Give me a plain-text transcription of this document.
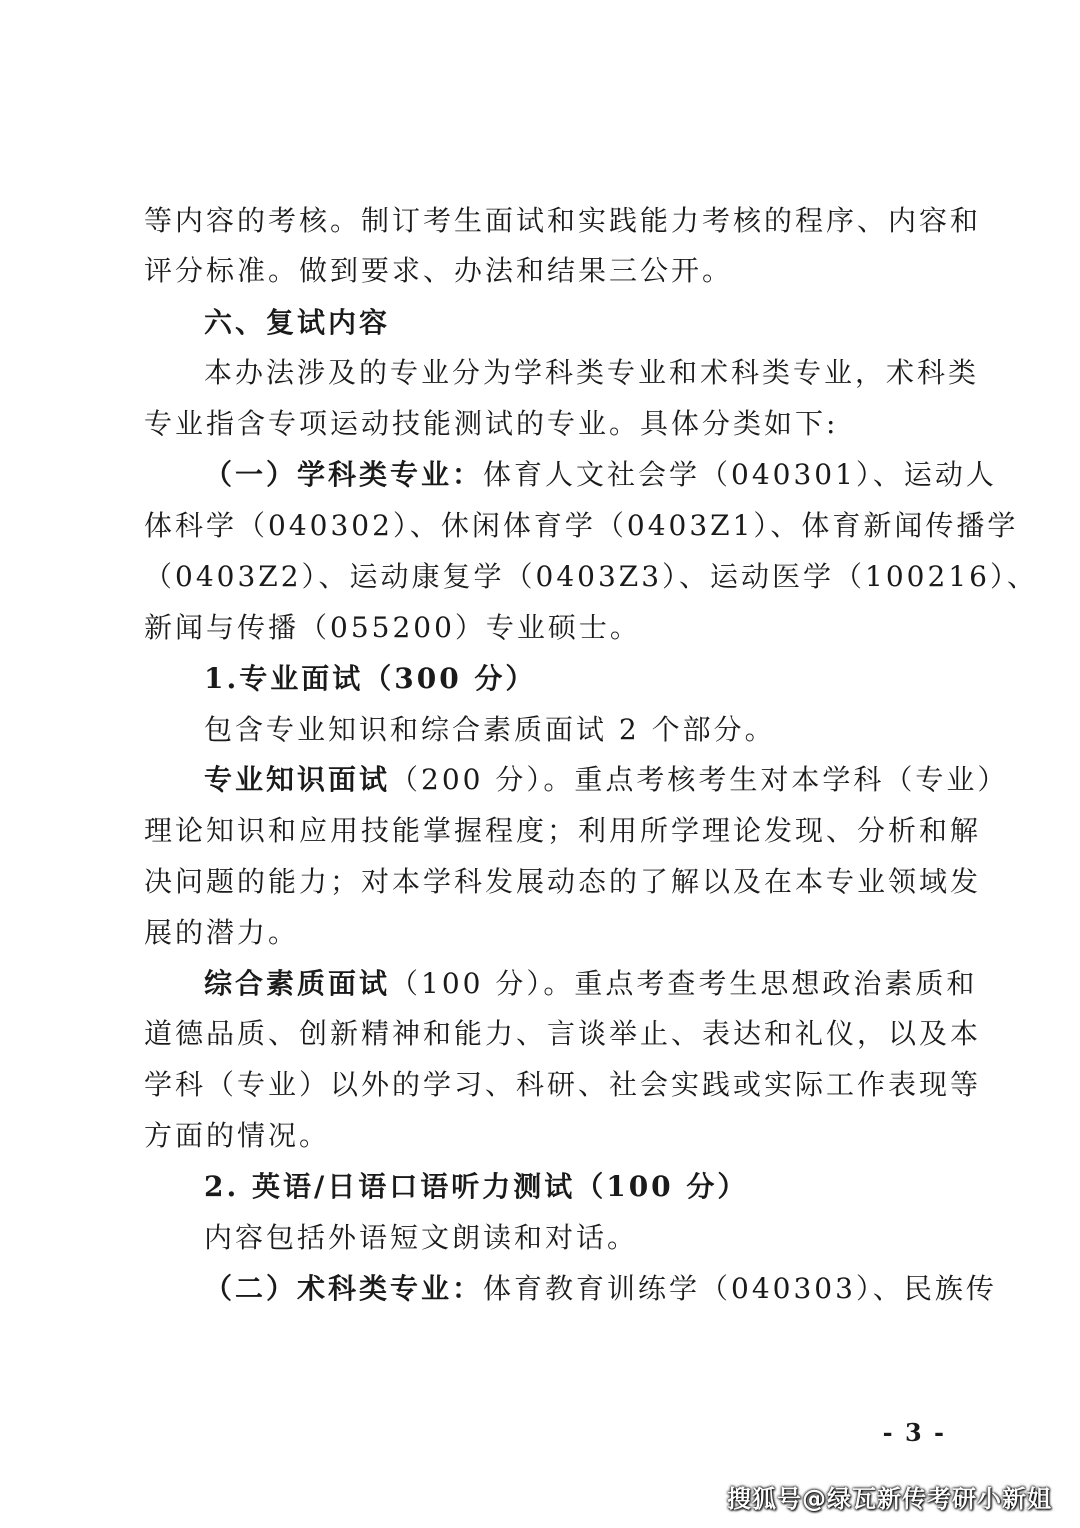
等内容的考核。制订考生面试和实践能力考核的程序、内容和
评分标准。做到要求、办法和结果三公开。
六、复试内容
本办法涉及的专业分为学科类专业和术科类专业，术科类
专业指含专项运动技能测试的专业。具体分类如下:
（一）学科类专业：体育人文社会学（040301）、运动人
体科学（040302）、休闲体育学（0403Z1）、体育新闻传播学
（0403Z2）、运动康复学（0403Z3）、运动医学（100216）、
新闻与传播（055200）专业硕士。
1.专业面试（300 分）
包含专业知识和综合素质面试 2 个部分。
专业知识面试（200 分）。重点考核考生对本学科（专业）
理论知识和应用技能掌握程度；利用所学理论发现、分析和解
决问题的能力；对本学科发展动态的了解以及在本专业领域发
展的潜力。
综合素质面试（100 分）。重点考查考生思想政治素质和
道德品质、创新精神和能力、言谈举止、表达和礼仪，以及本
学科（专业）以外的学习、科研、社会实践或实际工作表现等
方面的情况。
2. 英语/日语口语听力测试（100 分）
内容包括外语短文朗读和对话。
（二）术科类专业：体育教育训练学（040303）、民族传
- 3 -
搜狐号@绿瓦新传考研小新姐
